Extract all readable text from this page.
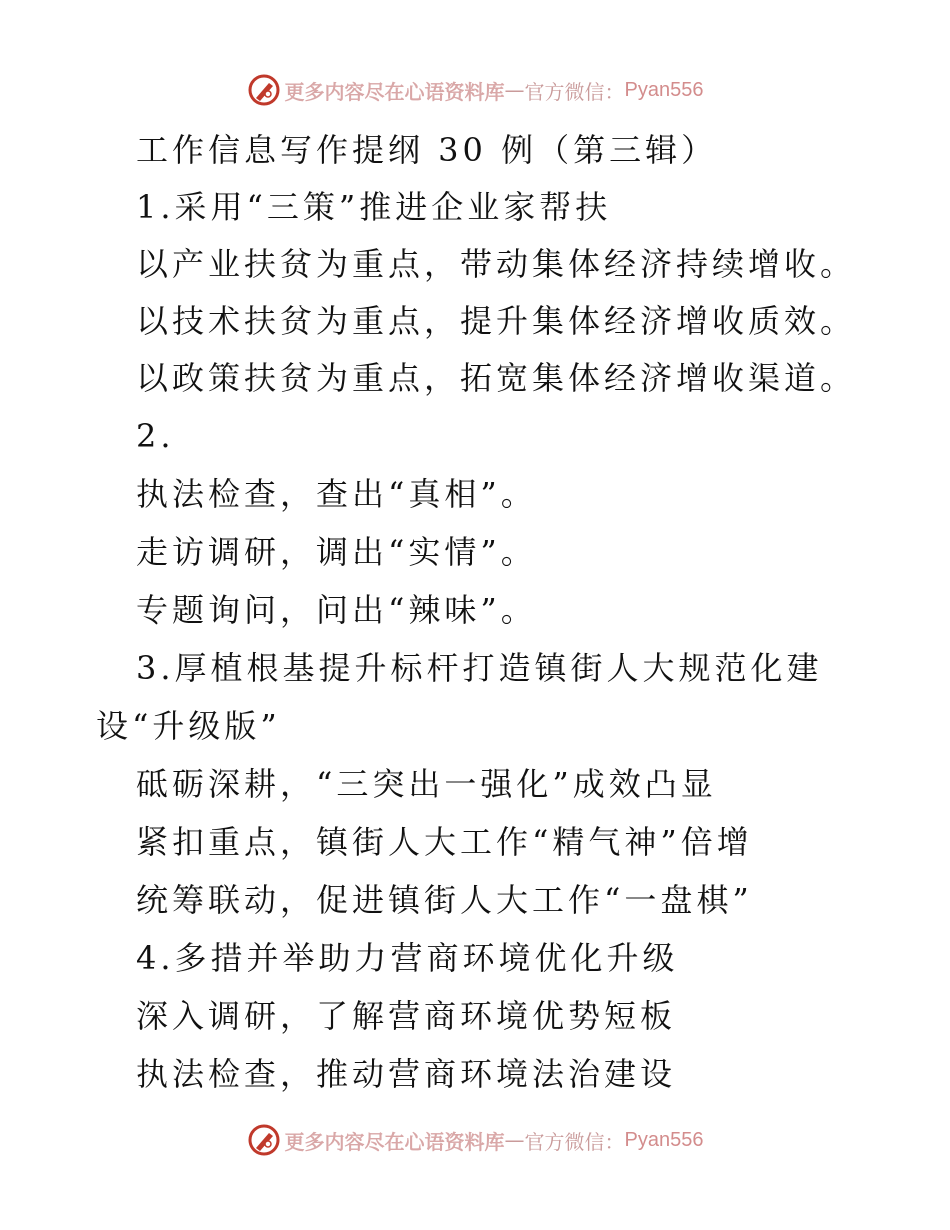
更多内容尽在心语资料库 — 官方微信： Pyan556
工作信息写作提纲 30 例（第三辑）
1.采用“三策”推进企业家帮扶
以产业扶贫为重点，带动集体经济持续增收。
以技术扶贫为重点，提升集体经济增收质效。
以政策扶贫为重点，拓宽集体经济增收渠道。
2.
执法检查，查出“真相”。
走访调研，调出“实情”。
专题询问，问出“辣味”。
3.厚植根基提升标杆打造镇街人大规范化建
设“升级版”
砥砺深耕，“三突出一强化”成效凸显
紧扣重点，镇街人大工作“精气神”倍增
统筹联动，促进镇街人大工作“一盘棋”
4.多措并举助力营商环境优化升级
深入调研，了解营商环境优势短板
执法检查，推动营商环境法治建设
更多内容尽在心语资料库 — 官方微信： Pyan556
